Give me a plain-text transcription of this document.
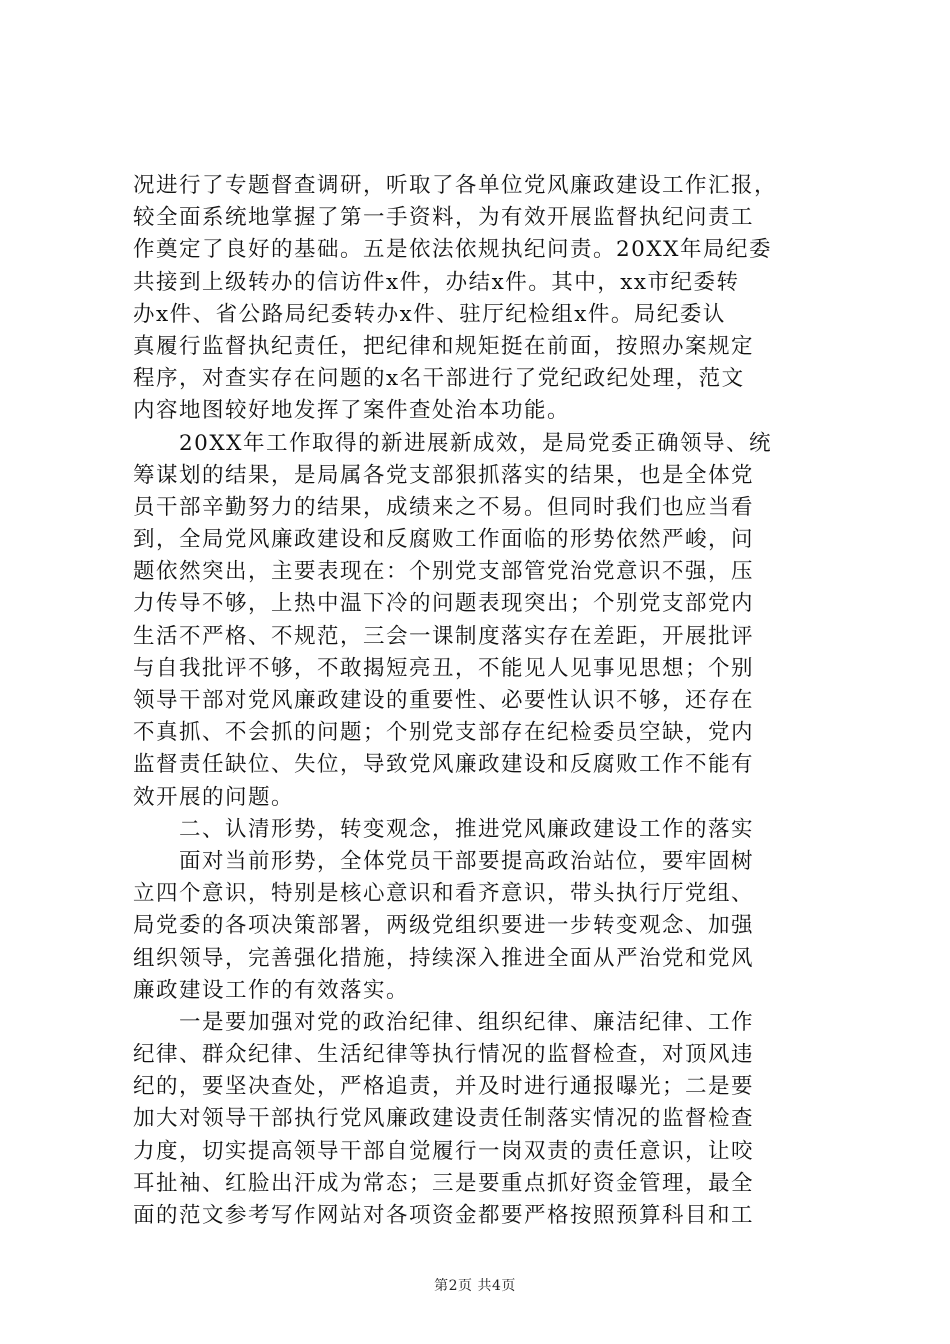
况进行了专题督查调研，听取了各单位党风廉政建设工作汇报，
较全面系统地掌握了第一手资料，为有效开展监督执纪问责工
作奠定了良好的基础。五是依法依规执纪问责。20XX年局纪委
共接到上级转办的信访件x件，办结x件。其中，xx市纪委转
办x件、省公路局纪委转办x件、驻厅纪检组x件。局纪委认
真履行监督执纪责任，把纪律和规矩挺在前面，按照办案规定
程序，对查实存在问题的x名干部进行了党纪政纪处理，范文
内容地图较好地发挥了案件查处治本功能。
　　20XX年工作取得的新进展新成效，是局党委正确领导、统
筹谋划的结果，是局属各党支部狠抓落实的结果，也是全体党
员干部辛勤努力的结果，成绩来之不易。但同时我们也应当看
到，全局党风廉政建设和反腐败工作面临的形势依然严峻，问
题依然突出，主要表现在：个别党支部管党治党意识不强，压
力传导不够，上热中温下冷的问题表现突出；个别党支部党内
生活不严格、不规范，三会一课制度落实存在差距，开展批评
与自我批评不够，不敢揭短亮丑，不能见人见事见思想；个别
领导干部对党风廉政建设的重要性、必要性认识不够，还存在
不真抓、不会抓的问题；个别党支部存在纪检委员空缺，党内
监督责任缺位、失位，导致党风廉政建设和反腐败工作不能有
效开展的问题。
　　二、认清形势，转变观念，推进党风廉政建设工作的落实
　　面对当前形势，全体党员干部要提高政治站位，要牢固树
立四个意识，特别是核心意识和看齐意识，带头执行厅党组、
局党委的各项决策部署，两级党组织要进一步转变观念、加强
组织领导，完善强化措施，持续深入推进全面从严治党和党风
廉政建设工作的有效落实。
　　一是要加强对党的政治纪律、组织纪律、廉洁纪律、工作
纪律、群众纪律、生活纪律等执行情况的监督检查，对顶风违
纪的，要坚决查处，严格追责，并及时进行通报曝光；二是要
加大对领导干部执行党风廉政建设责任制落实情况的监督检查
力度，切实提高领导干部自觉履行一岗双责的责任意识，让咬
耳扯袖、红脸出汗成为常态；三是要重点抓好资金管理，最全
面的范文参考写作网站对各项资金都要严格按照预算科目和工
第2页 共4页
